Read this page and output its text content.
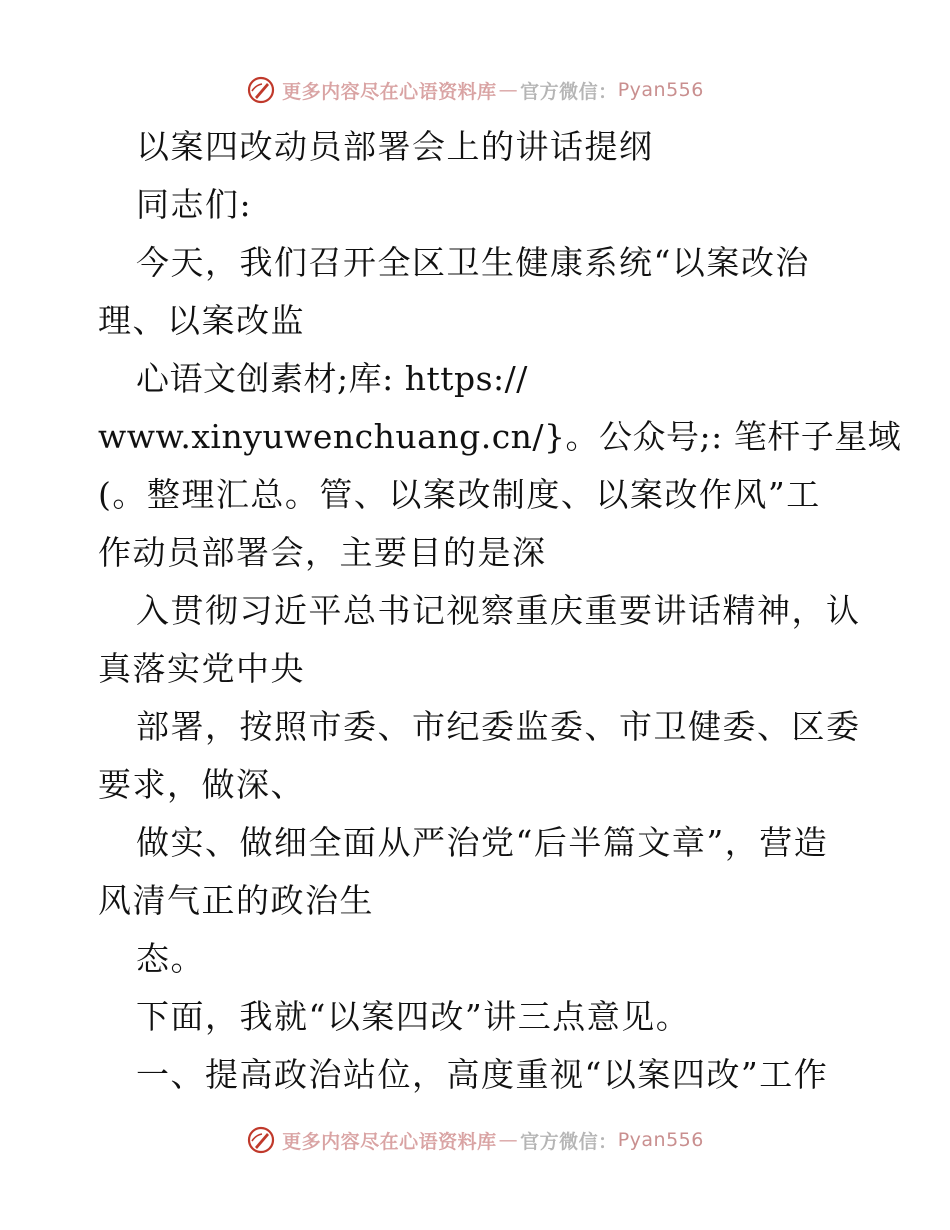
更多内容尽在心语资料库 — 官方微信： Pyan556
以案四改动员部署会上的讲话提纲
同志们:
今天，我们召开全区卫生健康系统“以案改治
理、以案改监
心语文创素材;库: https://
www.xinyuwenchuang.cn/}。公众号;: 笔杆子星域
(。整理汇总。管、以案改制度、以案改作风”工
作动员部署会，主要目的是深
入贯彻习近平总书记视察重庆重要讲话精神，认
真落实党中央
部署，按照市委、市纪委监委、市卫健委、区委
要求，做深、
做实、做细全面从严治党“后半篇文章”，营造
风清气正的政治生
态。
下面，我就“以案四改”讲三点意见。
一、提高政治站位，高度重视“以案四改”工作
更多内容尽在心语资料库 — 官方微信： Pyan556
